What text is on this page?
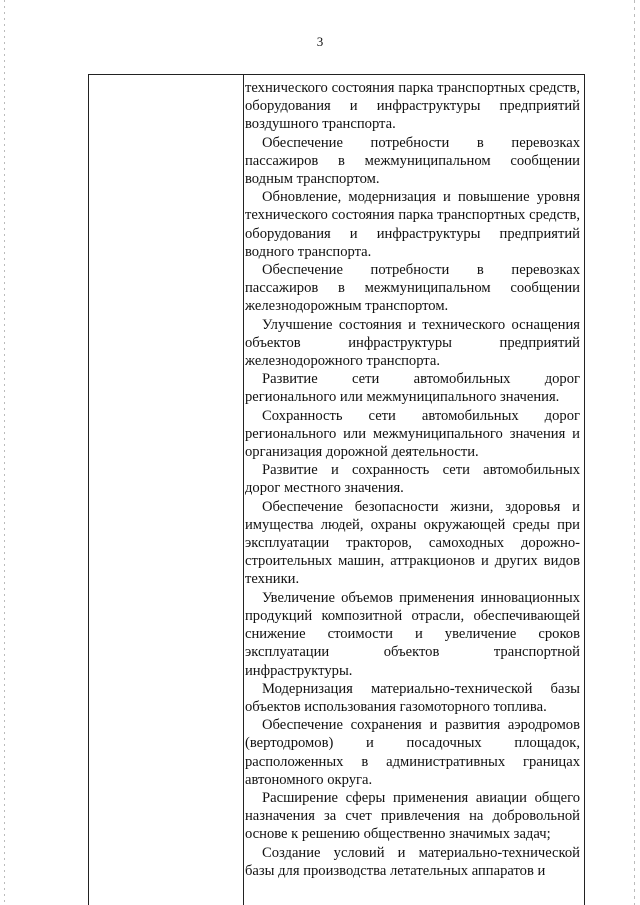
3

технического состояния парка транспортных средств, оборудования и инфраструктуры предприятий воздушного транспорта.

Обеспечение потребности в перевозках пассажиров в межмуниципальном сообщении водным транспортом.

Обновление, модернизация и повышение уровня технического состояния парка транспортных средств, оборудования и инфраструктуры предприятий водного транспорта.

Обеспечение потребности в перевозках пассажиров в межмуниципальном сообщении железнодорожным транспортом.

Улучшение состояния и технического оснащения объектов инфраструктуры предприятий железнодорожного транспорта.

Развитие сети автомобильных дорог регионального или межмуниципального значения.

Сохранность сети автомобильных дорог регионального или межмуниципального значения и организация дорожной деятельности.

Развитие и сохранность сети автомобильных дорог местного значения.

Обеспечение безопасности жизни, здоровья и имущества людей, охраны окружающей среды при эксплуатации тракторов, самоходных дорожно-строительных машин, аттракционов и других видов техники.

Увеличение объемов применения инновационных продукций композитной отрасли, обеспечивающей снижение стоимости и увеличение сроков эксплуатации объектов транспортной инфраструктуры.

Модернизация материально-технической базы объектов использования газомоторного топлива.

Обеспечение сохранения и развития аэродромов (вертодромов) и посадочных площадок, расположенных в административных границах автономного округа.

Расширение сферы применения авиации общего назначения за счет привлечения на добровольной основе к решению общественно значимых задач;

Создание условий и материально-технической базы для производства летательных аппаратов и
